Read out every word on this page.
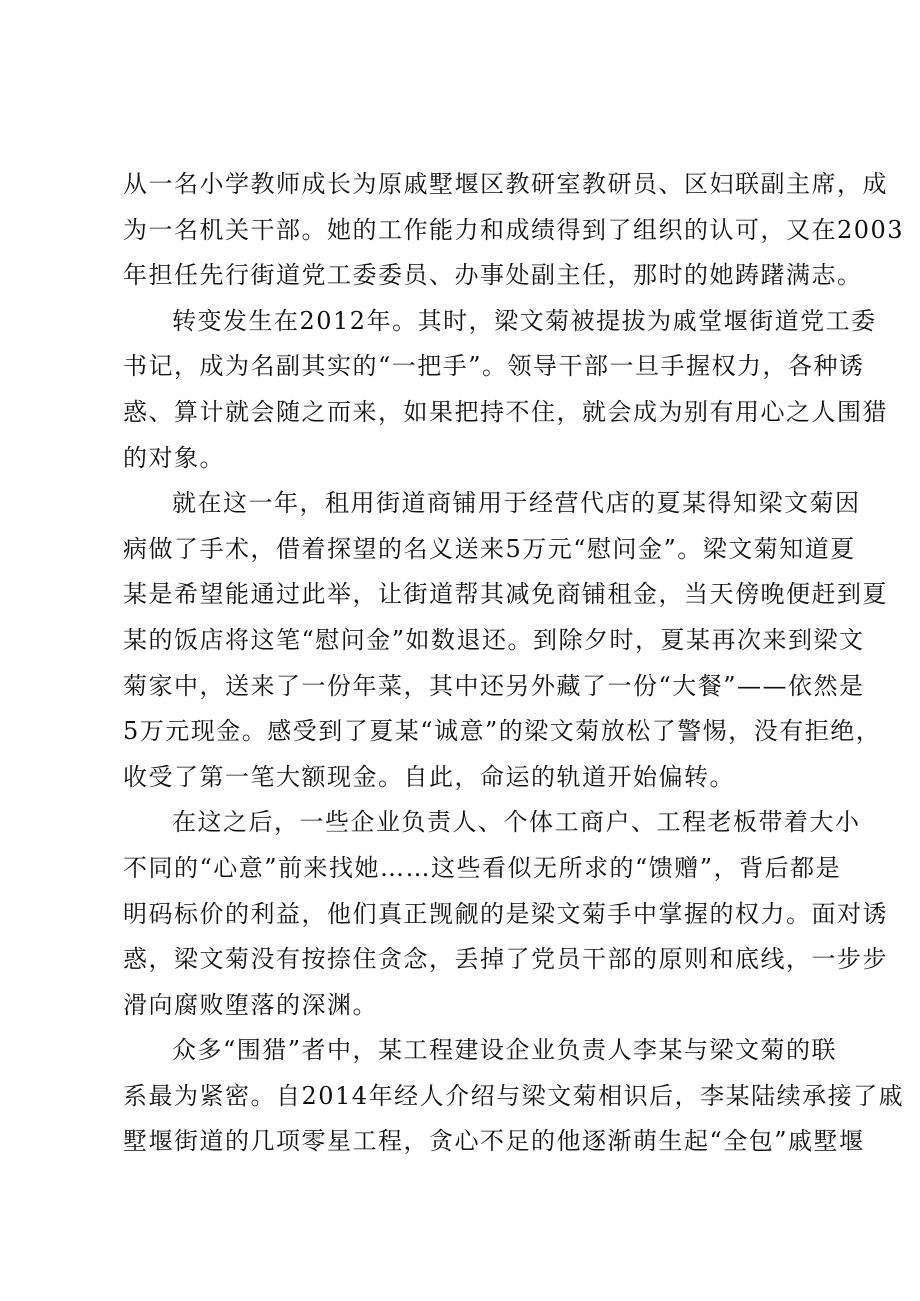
从一名小学教师成长为原戚墅堰区教研室教研员、区妇联副主席，成
为一名机关干部。她的工作能力和成绩得到了组织的认可，又在2003
年担任先行街道党工委委员、办事处副主任，那时的她踌躇满志。
转变发生在2012年。其时，梁文菊被提拔为戚堂堰街道党工委
书记，成为名副其实的“一把手”。领导干部一旦手握权力，各种诱
惑、算计就会随之而来，如果把持不住，就会成为别有用心之人围猎
的对象。
就在这一年，租用街道商铺用于经营代店的夏某得知梁文菊因
病做了手术，借着探望的名义送来5万元“慰问金”。梁文菊知道夏
某是希望能通过此举，让街道帮其减免商铺租金，当天傍晚便赶到夏
某的饭店将这笔“慰问金”如数退还。到除夕时，夏某再次来到梁文
菊家中，送来了一份年菜，其中还另外藏了一份“大餐”——依然是
5万元现金。感受到了夏某“诚意”的梁文菊放松了警惕，没有拒绝，
收受了第一笔大额现金。自此，命运的轨道开始偏转。
在这之后，一些企业负责人、个体工商户、工程老板带着大小
不同的“心意”前来找她……这些看似无所求的“馈赠”，背后都是
明码标价的利益，他们真正觊觎的是梁文菊手中掌握的权力。面对诱
惑，梁文菊没有按捺住贪念，丢掉了党员干部的原则和底线，一步步
滑向腐败堕落的深渊。
众多“围猎”者中，某工程建设企业负责人李某与梁文菊的联
系最为紧密。自2014年经人介绍与梁文菊相识后，李某陆续承接了戚
墅堰街道的几项零星工程，贪心不足的他逐渐萌生起“全包”戚墅堰
